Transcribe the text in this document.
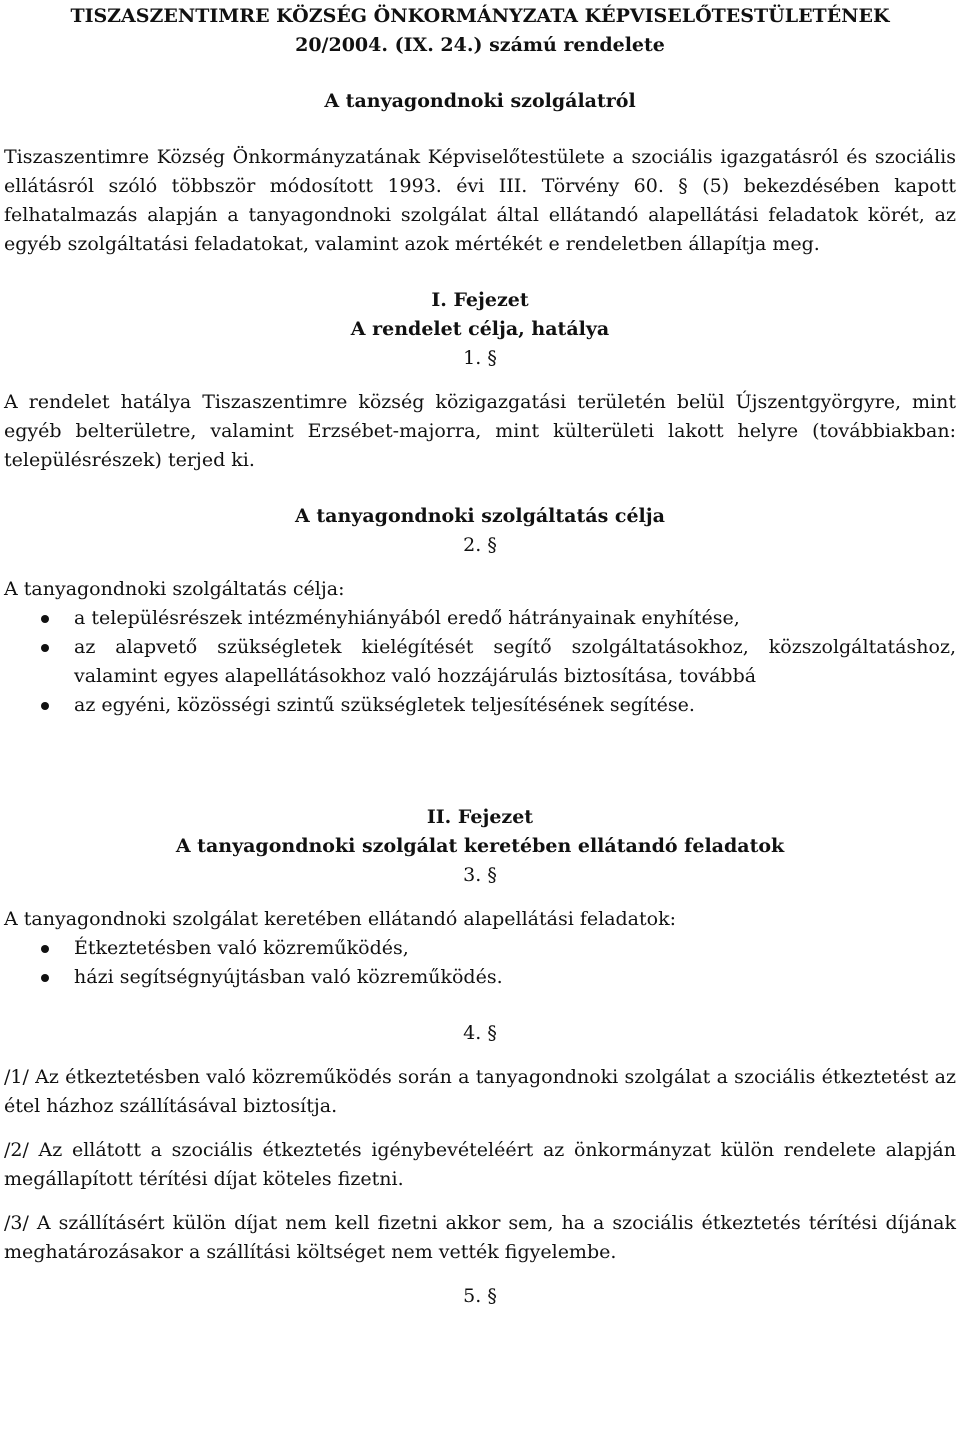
TISZASZENTIMRE KÖZSÉG ÖNKORMÁNYZATA KÉPVISELŐTESTÜLETÉNEK
20/2004. (IX. 24.) számú rendelete
A tanyagondnoki szolgálatról

Tiszaszentimre Község Önkormányzatának Képviselőtestülete a szociális igazgatásról és szociális ellátásról szóló többször módosított 1993. évi III. Törvény 60. § (5) bekezdésében kapott felhatalmazás alapján a tanyagondnoki szolgálat által ellátandó alapellátási feladatok körét, az egyéb szolgáltatási feladatokat, valamint azok mértékét e rendeletben állapítja meg.

I. Fejezet
A rendelet célja, hatálya
1. §

A rendelet hatálya Tiszaszentimre község közigazgatási területén belül Újszentgyörgyre, mint egyéb belterületre, valamint Erzsébet-majorra, mint külterületi lakott helyre (továbbiakban: településrészek) terjed ki.

A tanyagondnoki szolgáltatás célja
2. §

A tanyagondnoki szolgáltatás célja:

a településrészek intézményhiányából eredő hátrányainak enyhítése,
az alapvető szükségletek kielégítését segítő szolgáltatásokhoz, közszolgáltatáshoz, valamint egyes alapellátásokhoz való hozzájárulás biztosítása, továbbá
az egyéni, közösségi szintű szükségletek teljesítésének segítése.
II. Fejezet
A tanyagondnoki szolgálat keretében ellátandó feladatok
3. §

A tanyagondnoki szolgálat keretében ellátandó alapellátási feladatok:

Étkeztetésben való közreműködés,
házi segítségnyújtásban való közreműködés.
4. §

/1/ Az étkeztetésben való közreműködés során a tanyagondnoki szolgálat a szociális étkeztetést az étel házhoz szállításával biztosítja.

/2/ Az ellátott a szociális étkeztetés igénybevételéért az önkormányzat külön rendelete alapján megállapított térítési díjat köteles fizetni.

/3/ A szállításért külön díjat nem kell fizetni akkor sem, ha a szociális étkeztetés térítési díjának meghatározásakor a szállítási költséget nem vették figyelembe.

5. §
